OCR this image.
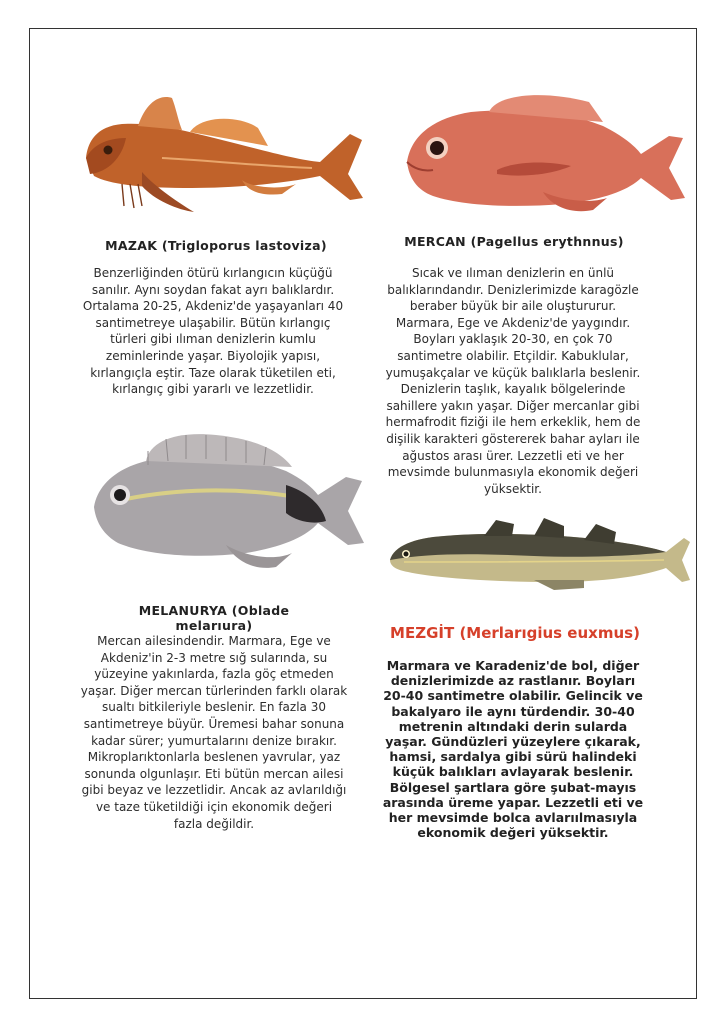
MAZAK (Trigloporus lastoviza)
Benzerliğinden ötürü kırlangıcın küçüğü sanılır. Aynı soydan fakat ayrı balıklardır. Ortalama 20-25, Akdeniz'de yaşayanları 40 santimetreye ulaşabilir. Bütün kırlangıç türleri gibi ılıman denizlerin kumlu zeminlerinde yaşar. Biyolojik yapısı, kırlangıçla eştir. Taze olarak tüketilen eti, kırlangıç gibi yararlı ve lezzetlidir.
MERCAN (Pagellus erythnnus)
Sıcak ve ılıman denizlerin en ünlü balıklarındandır. Denizlerimizde karagözle beraber büyük bir aile oluştururur. Marmara, Ege ve Akdeniz'de yaygındır. Boyları yaklaşık 20-30, en çok 70 santimetre olabilir. Etçildir. Kabuklular, yumuşakçalar ve küçük balıklarla beslenir. Denizlerin taşlık, kayalık bölgelerinde sahillere yakın yaşar. Diğer mercanlar gibi hermafrodit fiziği ile hem erkeklik, hem de dişilik karakteri göstererek bahar ayları ile ağustos arası ürer. Lezzetli eti ve her mevsimde bulunmasıyla ekonomik değeri yüksektir.
MELANURYA (Oblade melarıura)
Mercan ailesindendir. Marmara, Ege ve Akdeniz'in 2-3 metre sığ sularında, su yüzeyine yakınlarda, fazla göç etmeden yaşar. Diğer mercan türlerinden farklı olarak sualtı bitkileriyle beslenir. En fazla 30 santimetreye büyür. Üremesi bahar sonuna kadar sürer; yumurtalarını denize bırakır. Mikroplarıktonlarla beslenen yavrular, yaz sonunda olgunlaşır. Eti bütün mercan ailesi gibi beyaz ve lezzetlidir. Ancak az avlarıldığı ve taze tüketildiği için ekonomik değeri fazla değildir.
MEZGİT (Merlarıgius euxmus)
Marmara ve Karadeniz'de bol, diğer denizlerimizde az rastlanır. Boyları 20-40 santimetre olabilir. Gelincik ve bakalyaro ile aynı türdendir. 30-40 metrenin altındaki derin sularda yaşar. Gündüzleri yüzeylere çıkarak, hamsi, sardalya gibi sürü halindeki küçük balıkları avlayarak beslenir. Bölgesel şartlara göre şubat-mayıs arasında üreme yapar. Lezzetli eti ve her mevsimde bolca avlarıılmasıyla ekonomik değeri yüksektir.
